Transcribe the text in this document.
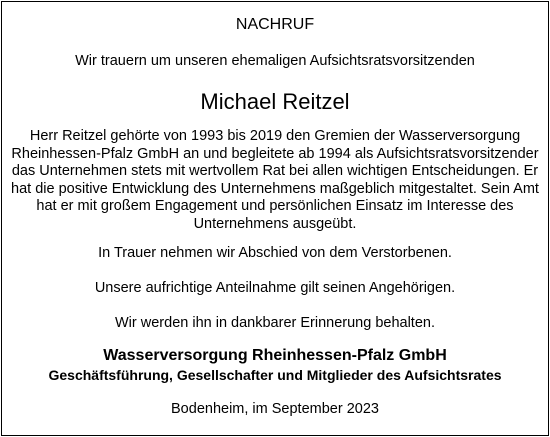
NACHRUF

Wir trauern um unseren ehemaligen Aufsichtsratsvorsitzenden

Michael Reitzel

Herr Reitzel gehörte von 1993 bis 2019 den Gremien der Wasserversorgung
Rheinhessen-Pfalz GmbH an und begleitete ab 1994 als Aufsichtsratsvorsitzender
das Unternehmen stets mit wertvollem Rat bei allen wichtigen Entscheidungen. Er
hat die positive Entwicklung des Unternehmens maßgeblich mitgestaltet. Sein Amt
hat er mit großem Engagement und persönlichen Einsatz im Interesse des
Unternehmens ausgeübt.

In Trauer nehmen wir Abschied von dem Verstorbenen.

Unsere aufrichtige Anteilnahme gilt seinen Angehörigen.

Wir werden ihn in dankbarer Erinnerung behalten.

Wasserversorgung Rheinhessen-Pfalz GmbH

Geschäftsführung, Gesellschafter und Mitglieder des Aufsichtsrates

Bodenheim, im September 2023
